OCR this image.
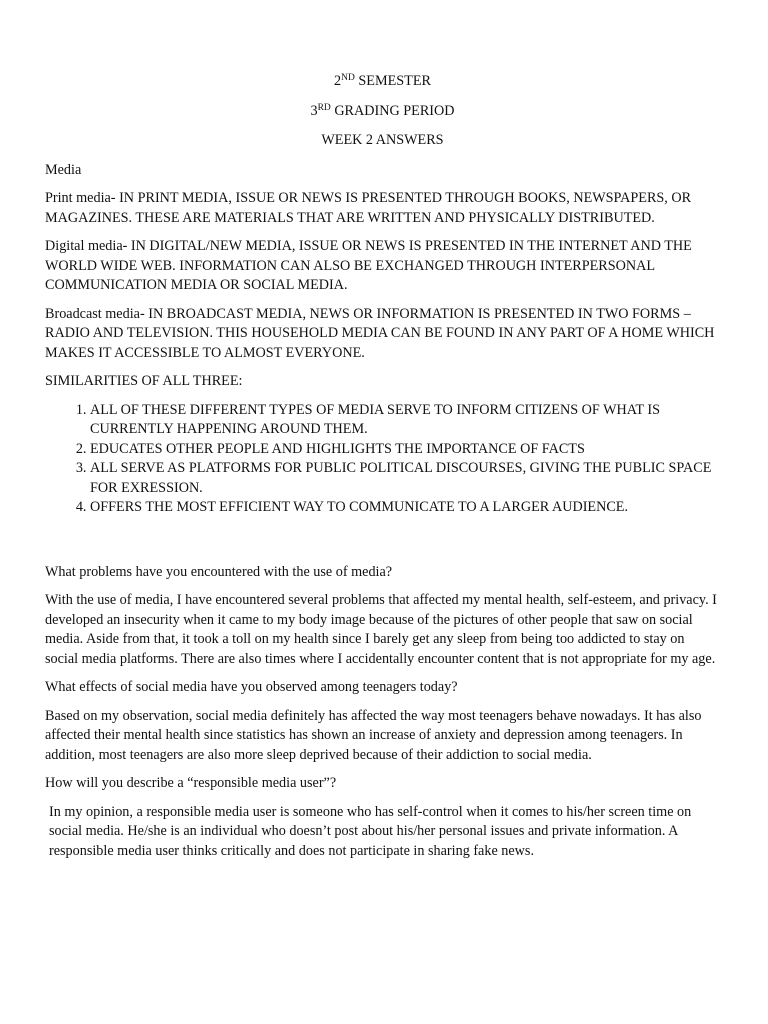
2ND SEMESTER
3RD GRADING PERIOD
WEEK 2 ANSWERS

Media

Print media- IN PRINT MEDIA, ISSUE OR NEWS IS PRESENTED THROUGH BOOKS, NEWSPAPERS, OR MAGAZINES. THESE ARE MATERIALS THAT ARE WRITTEN AND PHYSICALLY DISTRIBUTED.

Digital media- IN DIGITAL/NEW MEDIA, ISSUE OR NEWS IS PRESENTED IN THE INTERNET AND THE WORLD WIDE WEB. INFORMATION CAN ALSO BE EXCHANGED THROUGH INTERPERSONAL COMMUNICATION MEDIA OR SOCIAL MEDIA.

Broadcast media- IN BROADCAST MEDIA, NEWS OR INFORMATION IS PRESENTED IN TWO FORMS – RADIO AND TELEVISION. THIS HOUSEHOLD MEDIA CAN BE FOUND IN ANY PART OF A HOME WHICH MAKES IT ACCESSIBLE TO ALMOST EVERYONE.

SIMILARITIES OF ALL THREE:

1. ALL OF THESE DIFFERENT TYPES OF MEDIA SERVE TO INFORM CITIZENS OF WHAT IS CURRENTLY HAPPENING AROUND THEM.
2. EDUCATES OTHER PEOPLE AND HIGHLIGHTS THE IMPORTANCE OF FACTS
3. ALL SERVE AS PLATFORMS FOR PUBLIC POLITICAL DISCOURSES, GIVING THE PUBLIC SPACE FOR EXRESSION.
4. OFFERS THE MOST EFFICIENT WAY TO COMMUNICATE TO A LARGER AUDIENCE.

What problems have you encountered with the use of media?

With the use of media, I have encountered several problems that affected my mental health, self-esteem, and privacy. I developed an insecurity when it came to my body image because of the pictures of other people that saw on social media. Aside from that, it took a toll on my health since I barely get any sleep from being too addicted to stay on social media platforms. There are also times where I accidentally encounter content that is not appropriate for my age.

What effects of social media have you observed among teenagers today?

Based on my observation, social media definitely has affected the way most teenagers behave nowadays. It has also affected their mental health since statistics has shown an increase of anxiety and depression among teenagers. In addition, most teenagers are also more sleep deprived because of their addiction to social media.

How will you describe a “responsible media user”?

In my opinion, a responsible media user is someone who has self-control when it comes to his/her screen time on social media. He/she is an individual who doesn’t post about his/her personal issues and private information. A responsible media user thinks critically and does not participate in sharing fake news.
